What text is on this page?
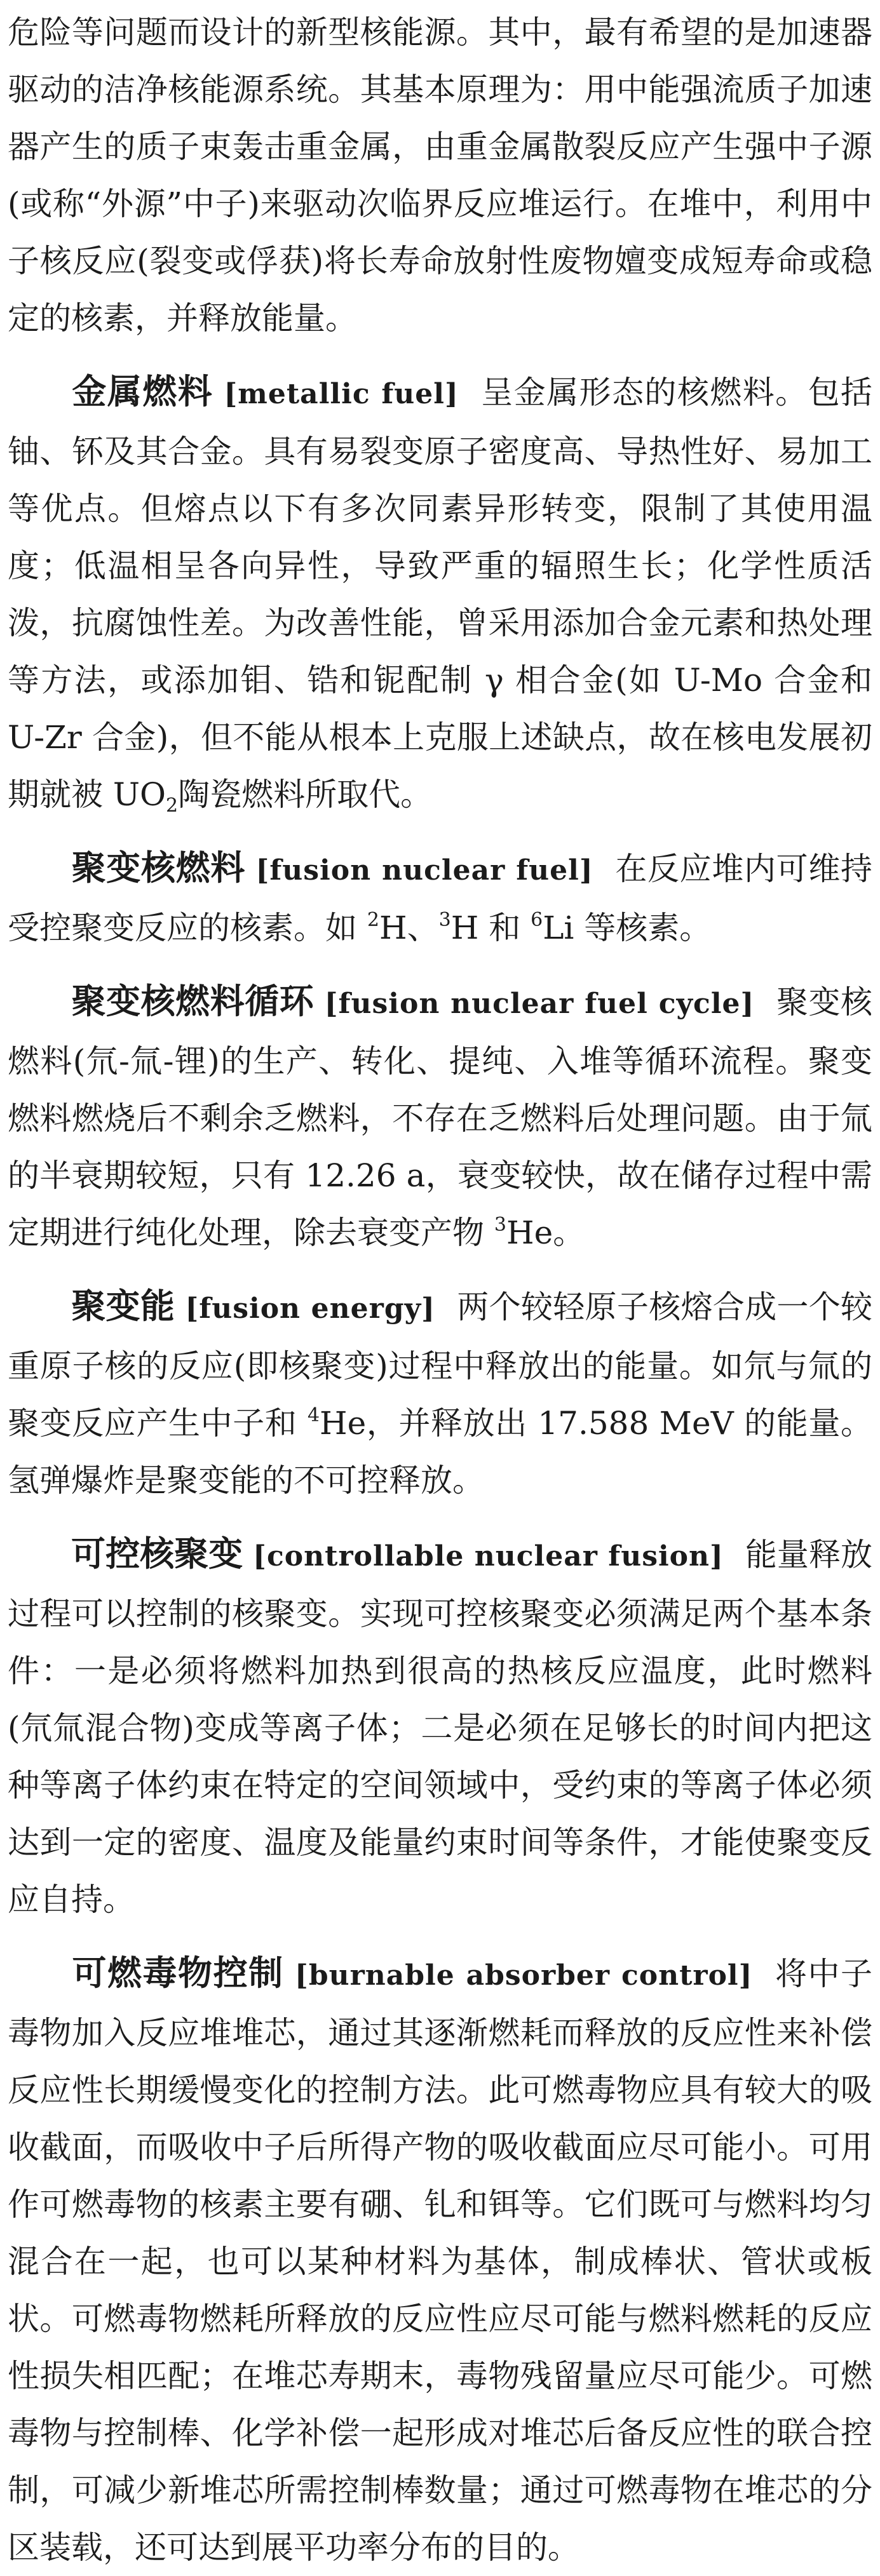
危险等问题而设计的新型核能源。其中，最有希望的是加速器驱动的洁净核能源系统。其基本原理为：用中能强流质子加速器产生的质子束轰击重金属，由重金属散裂反应产生强中子源(或称“外源”中子)来驱动次临界反应堆运行。在堆中，利用中子核反应(裂变或俘获)将长寿命放射性废物嬗变成短寿命或稳定的核素，并释放能量。

金属燃料 [metallic fuel] 呈金属形态的核燃料。包括铀、钚及其合金。具有易裂变原子密度高、导热性好、易加工等优点。但熔点以下有多次同素异形转变，限制了其使用温度；低温相呈各向异性，导致严重的辐照生长；化学性质活泼，抗腐蚀性差。为改善性能，曾采用添加合金元素和热处理等方法，或添加钼、锆和铌配制 γ 相合金(如 U-Mo 合金和 U-Zr 合金)，但不能从根本上克服上述缺点，故在核电发展初期就被 $UO_2$陶瓷燃料所取代。

聚变核燃料 [fusion nuclear fuel] 在反应堆内可维持受控聚变反应的核素。如 $^2$H、$^3$H 和 $^6$Li 等核素。

聚变核燃料循环 [fusion nuclear fuel cycle] 聚变核燃料(氘-氚-锂)的生产、转化、提纯、入堆等循环流程。聚变燃料燃烧后不剩余乏燃料，不存在乏燃料后处理问题。由于氚的半衰期较短，只有 12.26 a，衰变较快，故在储存过程中需定期进行纯化处理，除去衰变产物 $^3$He。

聚变能 [fusion energy] 两个较轻原子核熔合成一个较重原子核的反应(即核聚变)过程中释放出的能量。如氘与氚的聚变反应产生中子和 $^4$He，并释放出 17.588 MeV 的能量。氢弹爆炸是聚变能的不可控释放。

可控核聚变 [controllable nuclear fusion] 能量释放过程可以控制的核聚变。实现可控核聚变必须满足两个基本条件：一是必须将燃料加热到很高的热核反应温度，此时燃料(氘氚混合物)变成等离子体；二是必须在足够长的时间内把这种等离子体约束在特定的空间领域中，受约束的等离子体必须达到一定的密度、温度及能量约束时间等条件，才能使聚变反应自持。

可燃毒物控制 [burnable absorber control] 将中子毒物加入反应堆堆芯，通过其逐渐燃耗而释放的反应性来补偿反应性长期缓慢变化的控制方法。此可燃毒物应具有较大的吸收截面，而吸收中子后所得产物的吸收截面应尽可能小。可用作可燃毒物的核素主要有硼、钆和铒等。它们既可与燃料均匀混合在一起，也可以某种材料为基体，制成棒状、管状或板状。可燃毒物燃耗所释放的反应性应尽可能与燃料燃耗的反应性损失相匹配；在堆芯寿期末，毒物残留量应尽可能少。可燃毒物与控制棒、化学补偿一起形成对堆芯后备反应性的联合控制，可减少新堆芯所需控制棒数量；通过可燃毒物在堆芯的分区装载，还可达到展平功率分布的目的。
